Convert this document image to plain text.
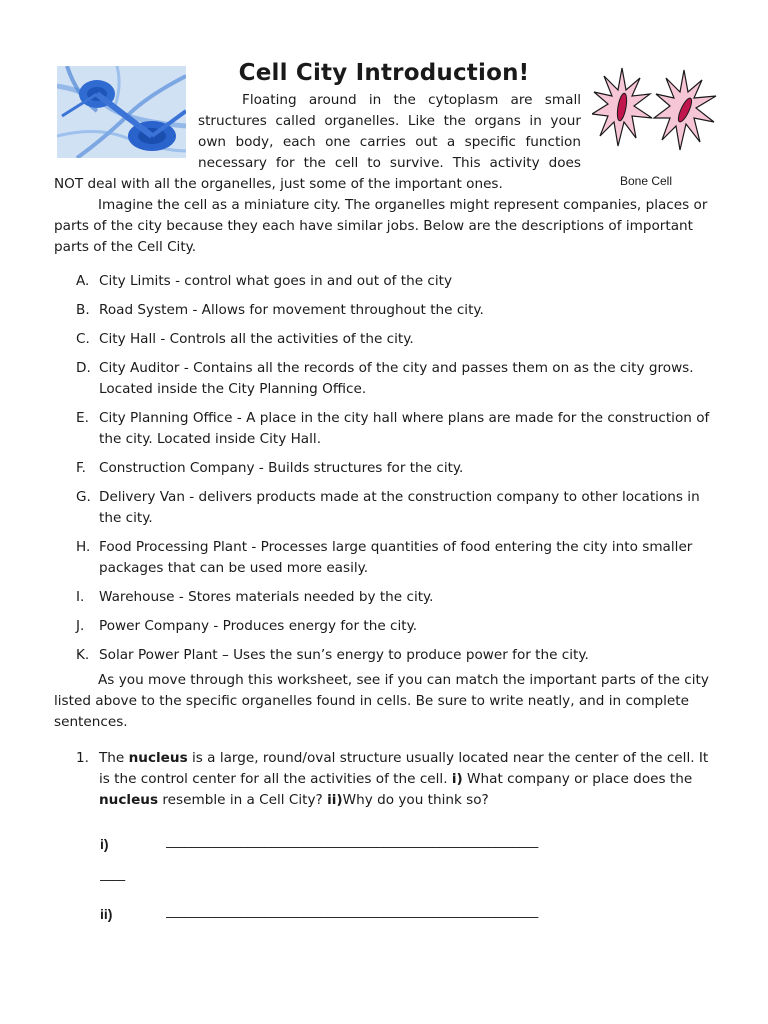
Cell City Introduction!
Bone Cell

Floating around in the cytoplasm are small

structures called organelles. Like the organs in your

own body, each one carries out a specific function

necessary for the cell to survive. This activity does

NOT deal with all the organelles, just some of the important ones.
Imagine the cell as a miniature city. The organelles might represent companies, places or parts of the city because they each have similar jobs. Below are the descriptions of important parts of the Cell City.
A. City Limits - control what goes in and out of the city
B. Road System - Allows for movement throughout the city.
C. City Hall - Controls all the activities of the city.
D. City Auditor - Contains all the records of the city and passes them on as the city grows. Located inside the City Planning Office.
E. City Planning Office - A place in the city hall where plans are made for the construction of the city. Located inside City Hall.
F. Construction Company - Builds structures for the city.
G. Delivery Van - delivers products made at the construction company to other locations in the city.
H. Food Processing Plant - Processes large quantities of food entering the city into smaller packages that can be used more easily.
I. Warehouse - Stores materials needed by the city.
J. Power Company - Produces energy for the city.
K. Solar Power Plant – Uses the sun’s energy to produce power for the city.
As you move through this worksheet, see if you can match the important parts of the city listed above to the specific organelles found in cells. Be sure to write neatly, and in complete sentences.
1. The nucleus is a large, round/oval structure usually located near the center of the cell. It is the control center for all the activities of the cell. i) What company or place does the nucleus resemble in a Cell City? ii)Why do you think so?
i)	____________________________________________________________
____
ii)	____________________________________________________________
